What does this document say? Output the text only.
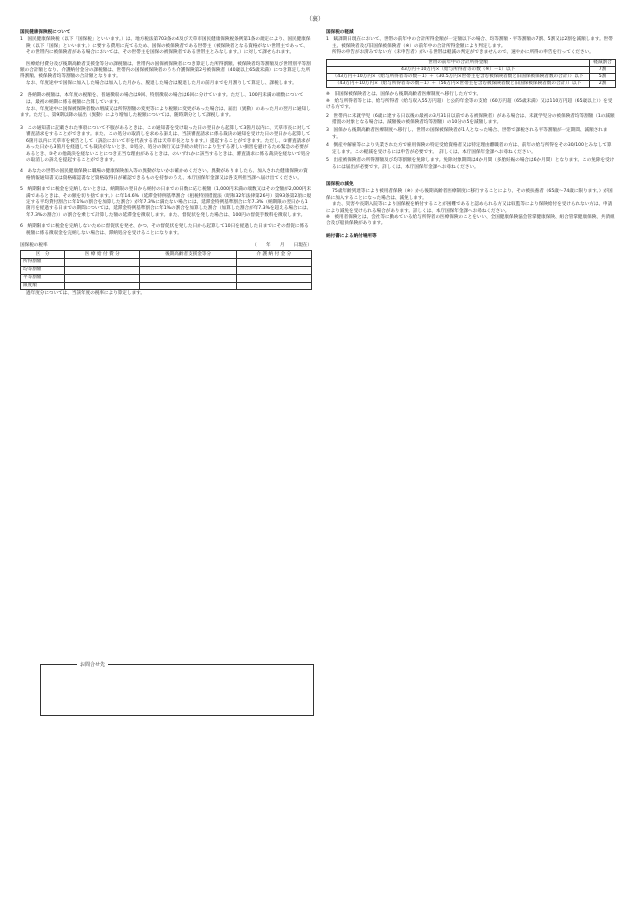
（裏）
国民健康保険税について

1　国民健康保険税（以下「国保税」といいます。）は、地方税法第703条の4及び天草市国民健康保険税条例第1条の規定により、国民健康保険（以下「国保」といいます。）に要する費用に充てるため、国保の被保険者である世帯主（被保険者となる資格がない世帯主であって、その世帯内に被保険者がある場合においては、その世帯主を国保の被保険者である世帯主とみなします。）に対して課せられます。

医療給付費分及び後期高齢者支援金等分の課税額は、世帯内の国保被保険者につき算定した所得割額、被保険者均等割額及び世帯別平等割額の合計額となり、介護納付金分の課税額は、世帯内の国保被保険者のうち介護保険第2号被保険者（40歳以上65歳未満）につき算定した所得割額、被保険者均等割額の合計額となります。

なお、年度途中で国保に加入した場合は加入した月から、脱退した場合は脱退した月の前月までを月割りして算定し、課税します。

2　各納期の税額は、本年度の税額を、普通徴収の場合は9回、特別徴収の場合は6回に分けています。ただし、100円未満の端数については、最初の納期に係る税額に合算しています。

なお、年度途中に国保被保険者数の増減又は所得割額の変更等により税額に変更があった場合は、届出（異動）のあった月の翌月に通知します。ただし、第9期以降の届出（異動）により増加した税額については、随時期分として課税します。

3　この通知書に記載された事項について不服があるときは、この通知書を受け取った日の翌日から起算して3箇月以内に、天草市長に対して審査請求をすることができます。また、この処分の取消しを求める訴えは、当該審査請求に係る裁決の通知を受けた日の翌日から起算して6箇月以内に天草市を被告として（訴訟において市を代表する者は天草市長となります。）提起することができます。ただし、①審査請求があった日から3箇月を経過しても裁決がないとき、②処分、処分の執行又は手続の続行により生ずる著しい損害を避けるため緊急の必要があるとき、③その他裁決を経ないことにつき正当な理由があるときは、のいずれかに該当するときは、審査請求に係る裁決を経ないで処分の取消しの訴えを提起することができます。

4　あなたの世帯の国民健康保険に職場の健康保険加入等の異動がないかお確かめください。異動がありましたら、加入された健康保険の資格情報通知書又は資格確認書など資格取得日が確認できるものを持参のうえ、本庁国保年金課又は各支所担当課へ届け出てください。

5　納期限までに税金を完納しないときは、納期限の翌日から納付の日までの日数に応じ税額（1,000円未満の端数又はその全額が2,000円未満であるときは、その額を切り捨てます。）に年14.6%（延滞金特例基準割合（租税特別措置法（昭和32年法律第26号）第93条第2項に規定する平均貸付割合に年1%の割合を加算した割合）が年7.3%に満たない場合には、延滞金特例基準割合に年7.3%（納期限の翌日から1箇月を経過する日までの期間については、延滞金特例基準割合に年1%の割合を加算した割合（加算した割合が年7.3%を超える場合には、年7.3%の割合））の割合を乗じて計算した額の延滞金を徴収します。また、督促状を発した場合は、100円の督促手数料を徴収します。

6　納期限までに税金を完納しないために督促状を発せ、かつ、その督促状を発した日から起算して10日を経過した日までにその督促に係る税額に係る徴収金を完納しない場合は、滞納処分を受けることになります。

国保税の税率	（　　年　　月　　日現在）
区　分	医 療 給 付 費 分	後期高齢者支援金等分	介 護 納 付 金 分
所得割額			
均等割額			
平等割額			
限度額			

過年度分については、当該年度の税率により算定します。

お問合せ先
国保税の軽減

1　賦課期日現在において、世帯の前年中の合計所得金額が一定額以下の場合、均等割額・平等割額の7割、5割又は2割を減額します。世帯主、被保険者及び旧国保被保険者（※）の前年中の合計所得金額により判定します。

所得の申告がお済みでない方（未申告者）がいる世帯は軽減の判定ができませんので、速やかに所得の申告を行ってください。

世帯の前年中の合計所得金額	軽減割合
43万円＋10万円×（給与所得者等の数（※）－1）以下	7割
（43万円＋10万円×（給与所得者等の数－1）＋（30.5万円×世帯主を含む被保険者数と旧国保被保険者数の合計））以下	5割
（43万円＋10万円×（給与所得者等の数－1）＋（56万円×世帯主を含む被保険者数と旧国保被保険者数の合計））以下	2割

※　旧国保被保険者とは、国保から後期高齢者医療制度へ移行した方です。

※　給与所得者等とは、給与所得者（給与収入55万円超）と公的年金等の支給（60万円超（65歳未満）又は110万円超（65歳以上））を受ける方です。

2　世帯内に未就学児（6歳に達する日以後の最初の3月31日以前である被保険者）がある場合は、未就学児分の被保険者均等割額（1の減額措置の対象となる場合は、減額後の被保険者均等割額）の10分の5を減額します。

3　国保から後期高齢者医療制度へ移行し、世帯の国保被保険者が1人となった場合、世帯で課税される平等割額が一定期間、減額されます。

4　倒産や解雇等により失業された方で雇用保険の特定受給資格者又は特定理由離職者の方は、前年の給与所得をその30/100とみなして算定します。この軽減を受けるには申告が必要です。　詳しくは、本庁国保年金課へお尋ねください。

5　出産被保険者の所得割額及び均等割額を免除します。免除対象期間は4か月間（多胎妊娠の場合は6か月間）となります。この免除を受けるには届出が必要です。詳しくは、本庁国保年金課へお尋ねください。

国保税の減免

75歳年齢到達等により被用者保険（※）から後期高齢者医療制度に移行することにより、その被扶養者（65歳～74歳に限ります。）が国保に加入することになった場合は、減免します。

また、災害や長期入院等により国保税を納付することが困難であると認められる方又は収監等により保険給付を受けられない方は、申請により減免を受けられる場合があります。詳しくは、本庁国保年金課へお尋ねください。

※　被用者保険とは、会社等に勤めている給与所得者の医療保険のことをいい、全国健康保険協会管掌健康保険、組合管掌健康保険、共済組合及び船員保険があります。

納付書による納付場所等
